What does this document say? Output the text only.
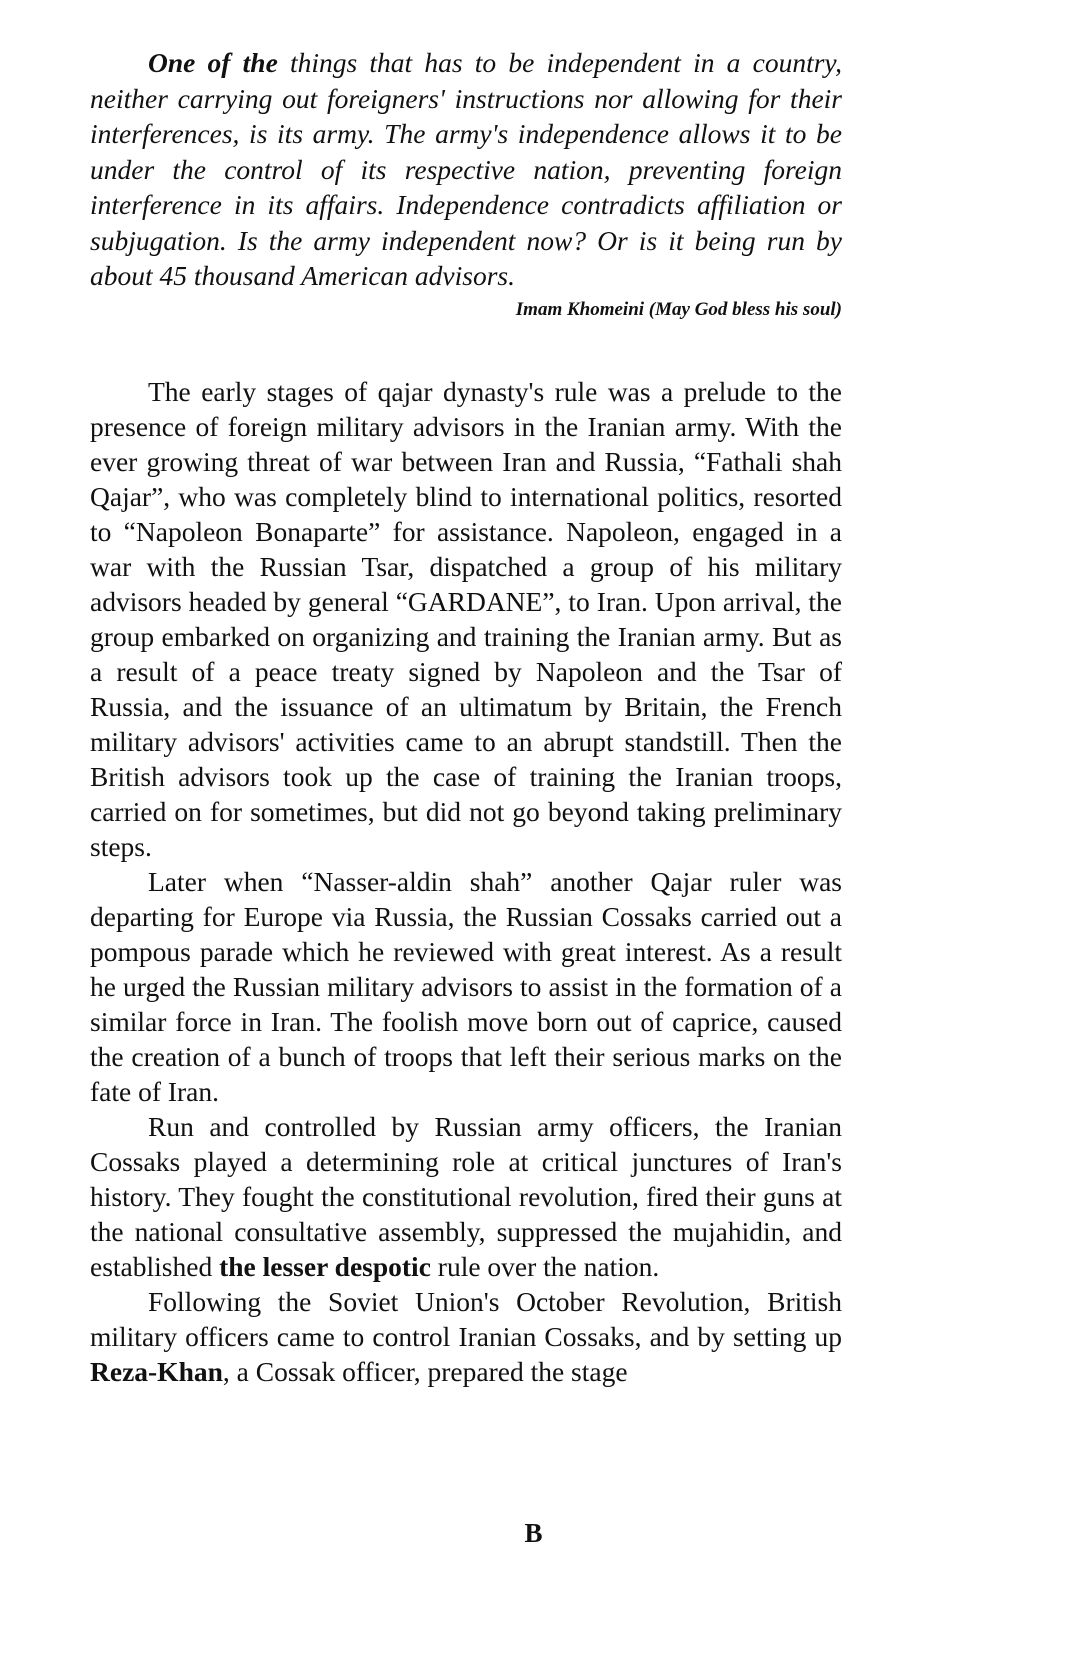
One of the things that has to be independent in a country, neither carrying out foreigners' instructions nor allowing for their interferences, is its army. The army's independence allows it to be under the control of its respective nation, preventing foreign interference in its affairs. Independence contradicts affiliation or subjugation. Is the army independent now? Or is it being run by about 45 thousand American advisors.

Imam Khomeini (May God bless his soul)

The early stages of qajar dynasty's rule was a prelude to the presence of foreign military advisors in the Iranian army. With the ever growing threat of war between Iran and Russia, “Fathali shah Qajar”, who was completely blind to international politics, resorted to “Napoleon Bonaparte” for assistance. Napoleon, engaged in a war with the Russian Tsar, dispatched a group of his military advisors headed by general “GARDANE”, to Iran. Upon arrival, the group embarked on organizing and training the Iranian army. But as a result of a peace treaty signed by Napoleon and the Tsar of Russia, and the issuance of an ultimatum by Britain, the French military advisors' activities came to an abrupt standstill. Then the British advisors took up the case of training the Iranian troops, carried on for sometimes, but did not go beyond taking preliminary steps.

Later when “Nasser-aldin shah” another Qajar ruler was departing for Europe via Russia, the Russian Cossaks carried out a pompous parade which he reviewed with great interest. As a result he urged the Russian military advisors to assist in the formation of a similar force in Iran. The foolish move born out of caprice, caused the creation of a bunch of troops that left their serious marks on the fate of Iran.

Run and controlled by Russian army officers, the Iranian Cossaks played a determining role at critical junctures of Iran's history. They fought the constitutional revolution, fired their guns at the national consultative assembly, suppressed the mujahidin, and established the lesser despotic rule over the nation.

Following the Soviet Union's October Revolution, British military officers came to control Iranian Cossaks, and by setting up Reza-Khan, a Cossak officer, prepared the stage

B
